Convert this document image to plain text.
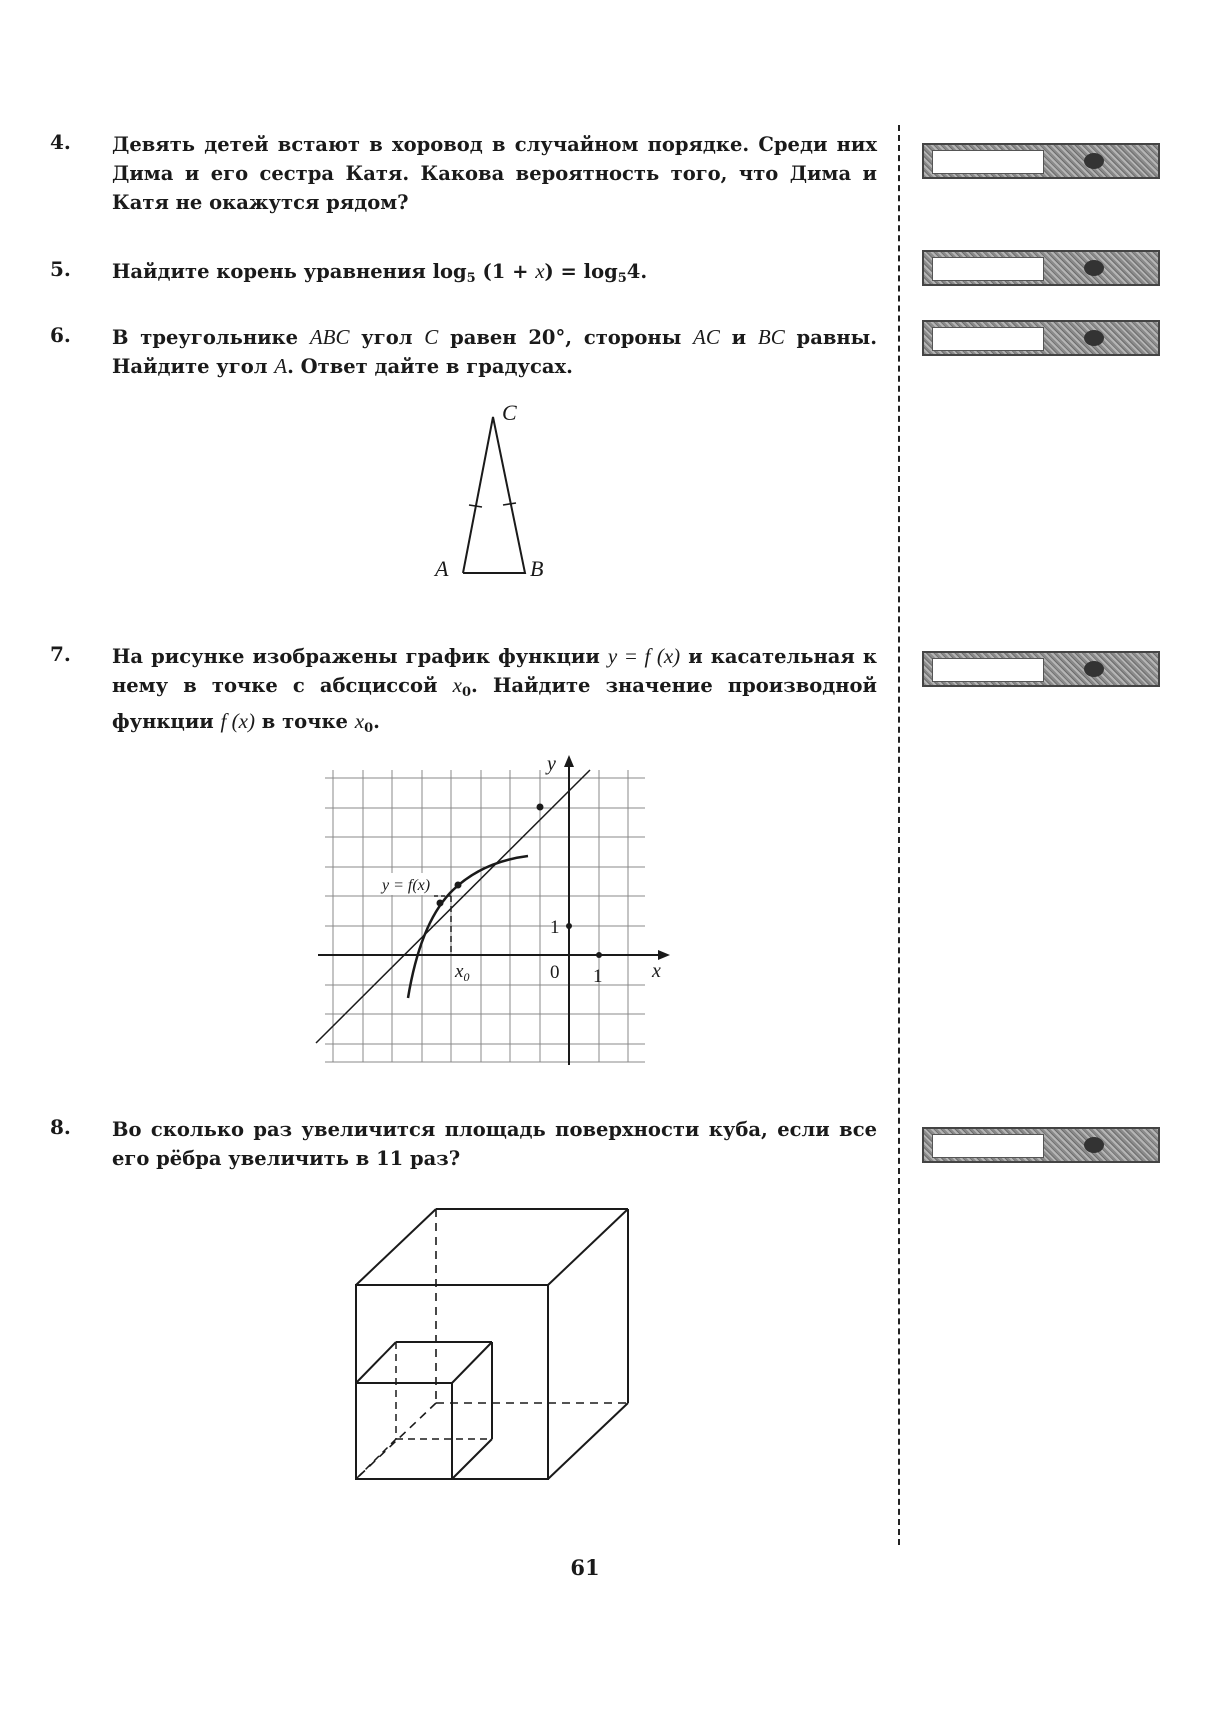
4. Девять детей встают в хоровод в случайном порядке. Среди них Дима и его сестра Катя. Какова вероятность того, что Дима и Катя не окажутся рядом?

5. Найдите корень уравнения $\log_5 (1 + x) = \log_54$.

6. В треугольнике ABC угол C равен 20°, стороны AC и BC равны. Найдите угол A. Ответ дайте в градусах.

C
A	B
7. На рисунке изображены график функции y = f (x) и касательная к нему в точке с абсциссой $x_0$. Найдите значение производной функции f (x) в точке $x_0$.

y
x
0 1
1
y = f(x)
$x_0$
8. Во сколько раз увеличится площадь поверхности куба, если все его рёбра увеличить в 11 раз?

61
